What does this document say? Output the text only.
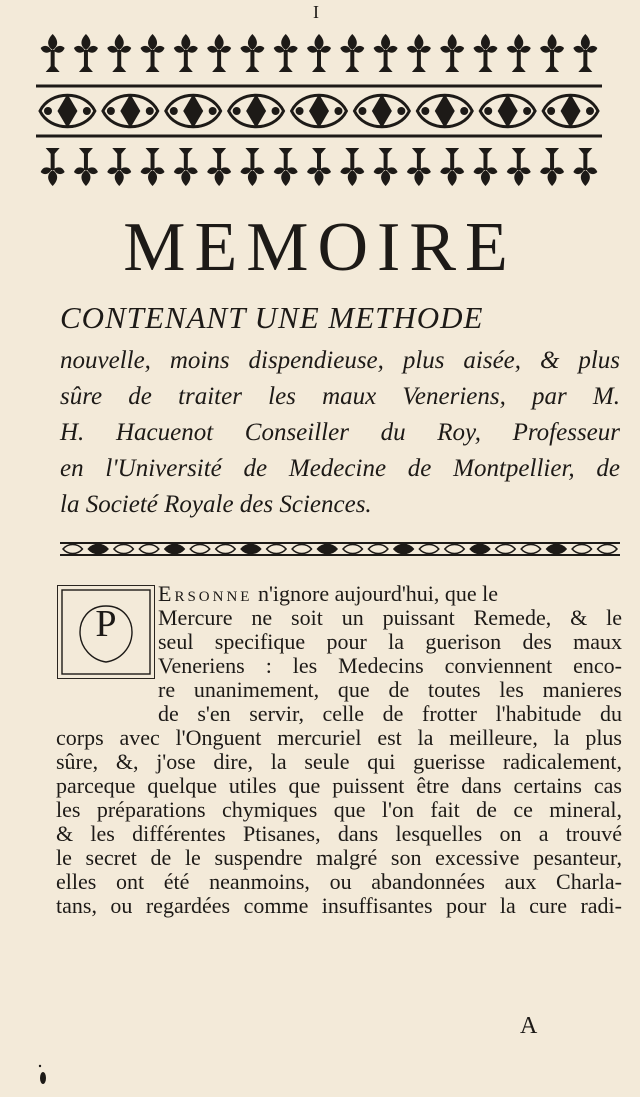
I
MEMOIRE
CONTENANT UNE METHODE
nouvelle, moins dispendieuse, plus aisée, & plus
sûre de traiter les maux Veneriens, par M.
H. Hacuenot Conseiller du Roy, Professeur
en l'Université de Medecine de Montpellier, de
la Societé Royale des Sciences.
P
Ersonne n'ignore aujourd'hui, que le
Mercure ne soit un puissant Remede, & le
seul specifique pour la guerison des maux
Veneriens : les Medecins conviennent enco-
re unanimement, que de toutes les manieres
de s'en servir, celle de frotter l'habitude du
corps avec l'Onguent mercuriel est la meilleure, la plus
sûre, &, j'ose dire, la seule qui guerisse radicalement,
parceque quelque utiles que puissent être dans certains cas
les préparations chymiques que l'on fait de ce mineral,
& les différentes Ptisanes, dans lesquelles on a trouvé
le secret de le suspendre malgré son excessive pesanteur,
elles ont été neanmoins, ou abandonnées aux Charla-
tans, ou regardées comme insuffisantes pour la cure radi-
A
